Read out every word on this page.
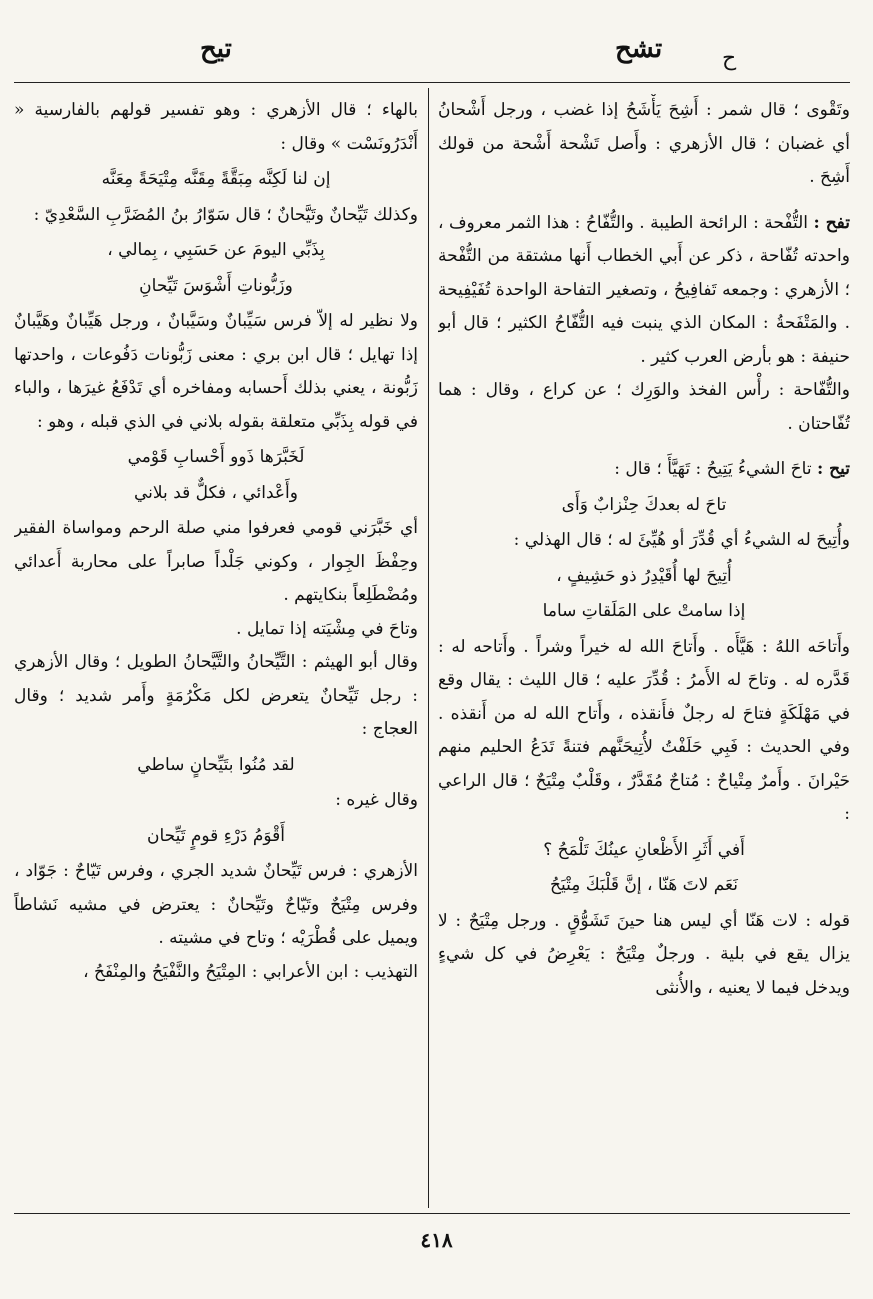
تشح	ﺡ
تيح

وتَقْوى ؛ قال شمر : أَشِحَ يَأْشَحُ إذا غضب ، ورجل أَشْحانُ أي غضبان ؛ قال الأزهري : وأَصل تَشْحة أَشْحة من قولك أَشِحَ .

تفح : التُّفْحة : الرائحة الطيبة . والتُّفّاحُ : هذا الثمر معروف ، واحدته تُفّاحة ، ذكر عن أَبي الخطاب أَنها مشتقة من التُّفْحة ؛ الأزهري : وجمعه تَفافِيحُ ، وتصغير التفاحة الواحدة تُفَيْفِيحة . والمَتْفَحةُ : المكان الذي ينبت فيه التُّفّاحُ الكثير ؛ قال أبو حنيفة : هو بأرض العرب كثير .

والتُّفّاحة : رأْس الفخذ والوَرِك ؛ عن كراع ، وقال : هما تُفّاحتان .

تيح : تاحَ الشيءُ يَتِيحُ : تَهَيَّأَ ؛ قال :

تاحَ له بعدكَ حِنْزابٌ وَأَى

وأُتِيحَ له الشيءُ أي قُدِّرَ أو هُيِّئَ له ؛ قال الهذلي :

أُتِيحَ لها أُقَيْدِرُ ذو حَشِيفٍ ،
إذا سامتْ على المَلَقاتِ ساما

وأَتاحَه اللهُ : هَيَّأَه . وأَتاحَ الله له خيراً وشراً . وأَتاحه له : قَدَّره له . وتاحَ له الأَمرُ : قُدِّرَ عليه ؛ قال الليث : يقال وقع في مَهْلَكَةٍ فتاحَ له رجلٌ فأَنقذه ، وأَتاح الله له من أَنقذه . وفي الحديث : فَبِي حَلَفْتُ لأُتِيحَنَّهم فتنةً تَدَعُ الحليم منهم حَيْرانَ . وأَمرٌ مِتْياحٌ : مُتاحٌ مُقَدَّرٌ ، وقَلْبٌ مِتْيَحٌ ؛ قال الراعي :

أَفي أَثَرِ الأَظْعانِ عينُكَ تَلْمَحُ ؟
نَعَم لاتَ هَنّا ، إنَّ قَلْبَكَ مِتْيَحُ

قوله : لات هَنّا أي ليس هنا حينَ تَشَوُّقٍ . ورجل مِتْيَحٌ : لا يزال يقع في بلية . ورجلٌ مِتْيَحٌ : يَعْرِضُ في كل شيءٍ ويدخل فيما لا يعنيه ، والأُنثى

بالهاء ؛ قال الأزهري : وهو تفسير قولهم بالفارسية « أَنْدَرُونَسْت » وقال :

إن لنا لَكِنَّه مِبَقَّةً مِقَنَّه مِتْيَحَةً مِعَنَّه

وكذلك تَيِّحانٌ وتَيَّحانٌ ؛ قال سَوّارُ بنُ المُضَرَّبِ السَّعْدِيّ :

بِذَبِّي اليومَ عن حَسَبِي ، بِمالي ،
وزَبُّوناتِ أَشْوَسَ تَيِّحانِ

ولا نظير له إلاّ فرس سَيِّبانٌ وسَيَّبانٌ ، ورجل هَيِّبانٌ وهَيَّبانٌ إذا تهايل ؛ قال ابن بري : معنى زَبُّونات دَفُوعات ، واحدتها زَبُّونة ، يعني بذلك أَحسابه ومفاخره أي تَدْفَعُ غيرَها ، والباء في قوله بِذَبِّي متعلقة بقوله بلاني في الذي قبله ، وهو :

لَخَبَّرَها ذَوو أَحْسابِ قَوْمي
وأَعْدائي ، فكلٌّ قد بلاني

أي خَبَّرَني قومي فعرفوا مني صلة الرحم ومواساة الفقير وحِفْظَ الجِوار ، وكوني جَلْداً صابراً على محاربة أَعدائي ومُضْطَلِعاً بنكايتهم .

وتاحَ في مِشْيَته إذا تمايل .

وقال أبو الهيثم : التَّيِّحانُ والتَّيَّحانُ الطويل ؛ وقال الأزهري : رجل تَيِّحانٌ يتعرض لكل مَكْرُمَةٍ وأَمر شديد ؛ وقال العجاج :

لقد مُنُوا بتَيِّحانٍ ساطي

وقال غيره :

أَقْوَمُ دَرْءِ قومٍ تَيِّحان

الأزهري : فرس تَيِّحانٌ شديد الجري ، وفرس تَيّاحٌ : جَوّاد ، وفرس مِتْيَحٌ وتَيّاحٌ وتَيِّحانٌ : يعترض في مشيه نَشاطاً ويميل على قُطْرَيْه ؛ وتاح في مشيته .

التهذيب : ابن الأعرابي : المِتْيَحُ والنَّفْيَحُ والمِنْفَحُ ،

٤١٨
